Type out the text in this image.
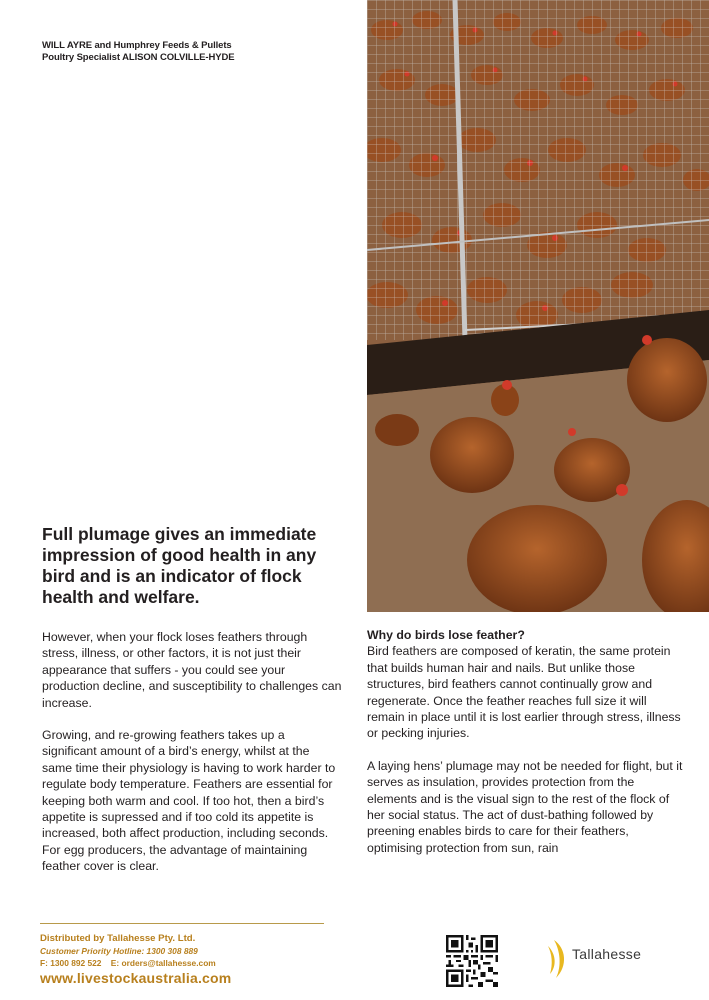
WILL AYRE and Humphrey Feeds & Pullets
Poultry Specialist ALISON COLVILLE-HYDE
Full plumage gives an immediate impression of good health in any bird and is an indicator of flock health and welfare.

However, when your flock loses feathers through stress, illness, or other factors, it is not just their appearance that suffers - you could see your production decline, and susceptibility to challenges can increase.

Growing, and re-growing feathers takes up a significant amount of a bird’s energy, whilst at the same time their physiology is having to work harder to regulate body temperature. Feathers are essential for keeping both warm and cool. If too hot, then a bird’s appetite is supressed and if too cold its appetite is increased, both affect production, including seconds. For egg producers, the advantage of maintaining feather cover is clear.

Why do birds lose feather?

Bird feathers are composed of keratin, the same protein that builds human hair and nails. But unlike those structures, bird feathers cannot continually grow and regenerate. Once the feather reaches full size it will remain in place until it is lost earlier through stress, illness or pecking injuries.

A laying hens’ plumage may not be needed for flight, but it serves as insulation, provides protection from the elements and is the visual sign to the rest of the flock of her social status. The act of dust-bathing followed by preening enables birds to care for their feathers, optimising protection from sun, rain

Distributed by Tallahesse Pty. Ltd.
Customer Priority Hotline: 1300 308 889
F: 1300 892 522    E: orders@tallahesse.com
www.livestockaustralia.com
Tallahesse
